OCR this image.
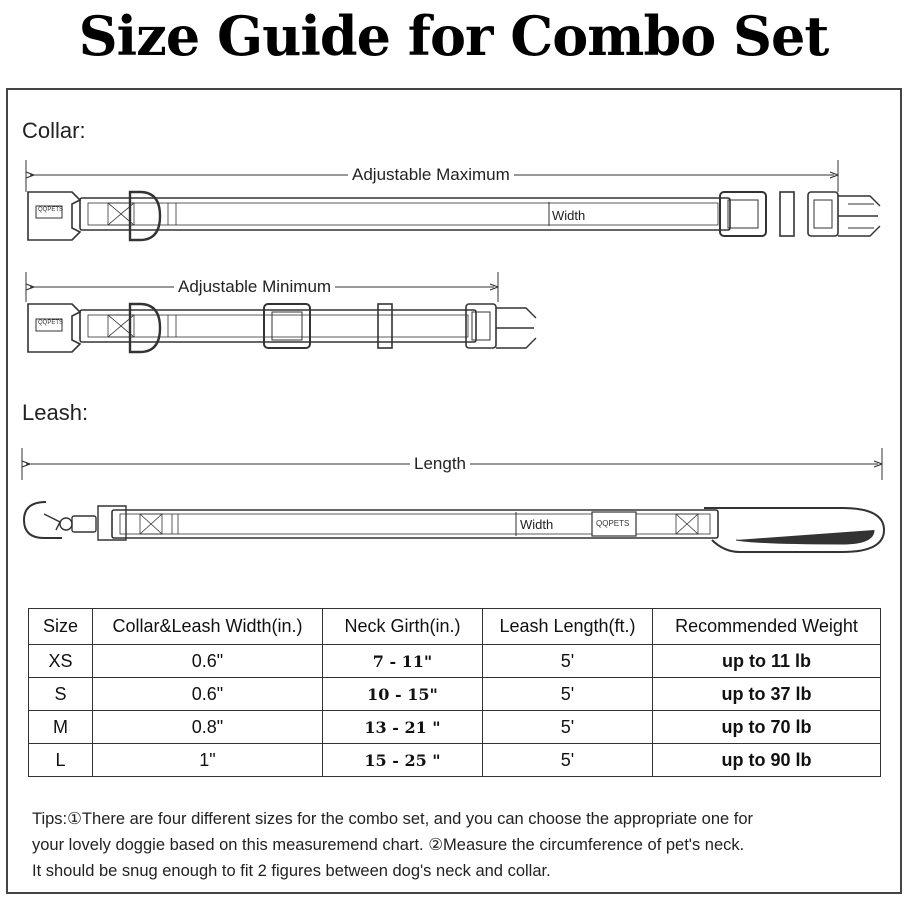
Size Guide for Combo Set
Collar:
Adjustable Maximum
Width
QQPETS
Adjustable Minimum
QQPETS
Leash:
Length
Width	QQPETS
Size	Collar&Leash Width(in.)	Neck Girth(in.)	Leash Length(ft.)	Recommended Weight
XS	0.6"	7 - 11"	5'	up to 11 lb
S	0.6"	10 - 15"	5'	up to 37 lb
M	0.8"	13 - 21 "	5'	up to 70 lb
L	1"	15 - 25 "	5'	up to 90 lb
Tips:①There are four different sizes for the combo set, and you can choose the appropriate one for
your lovely doggie based on this measuremend chart. ②Measure the circumference of pet's neck.
It should be snug enough to fit 2 figures between dog's neck and collar.
